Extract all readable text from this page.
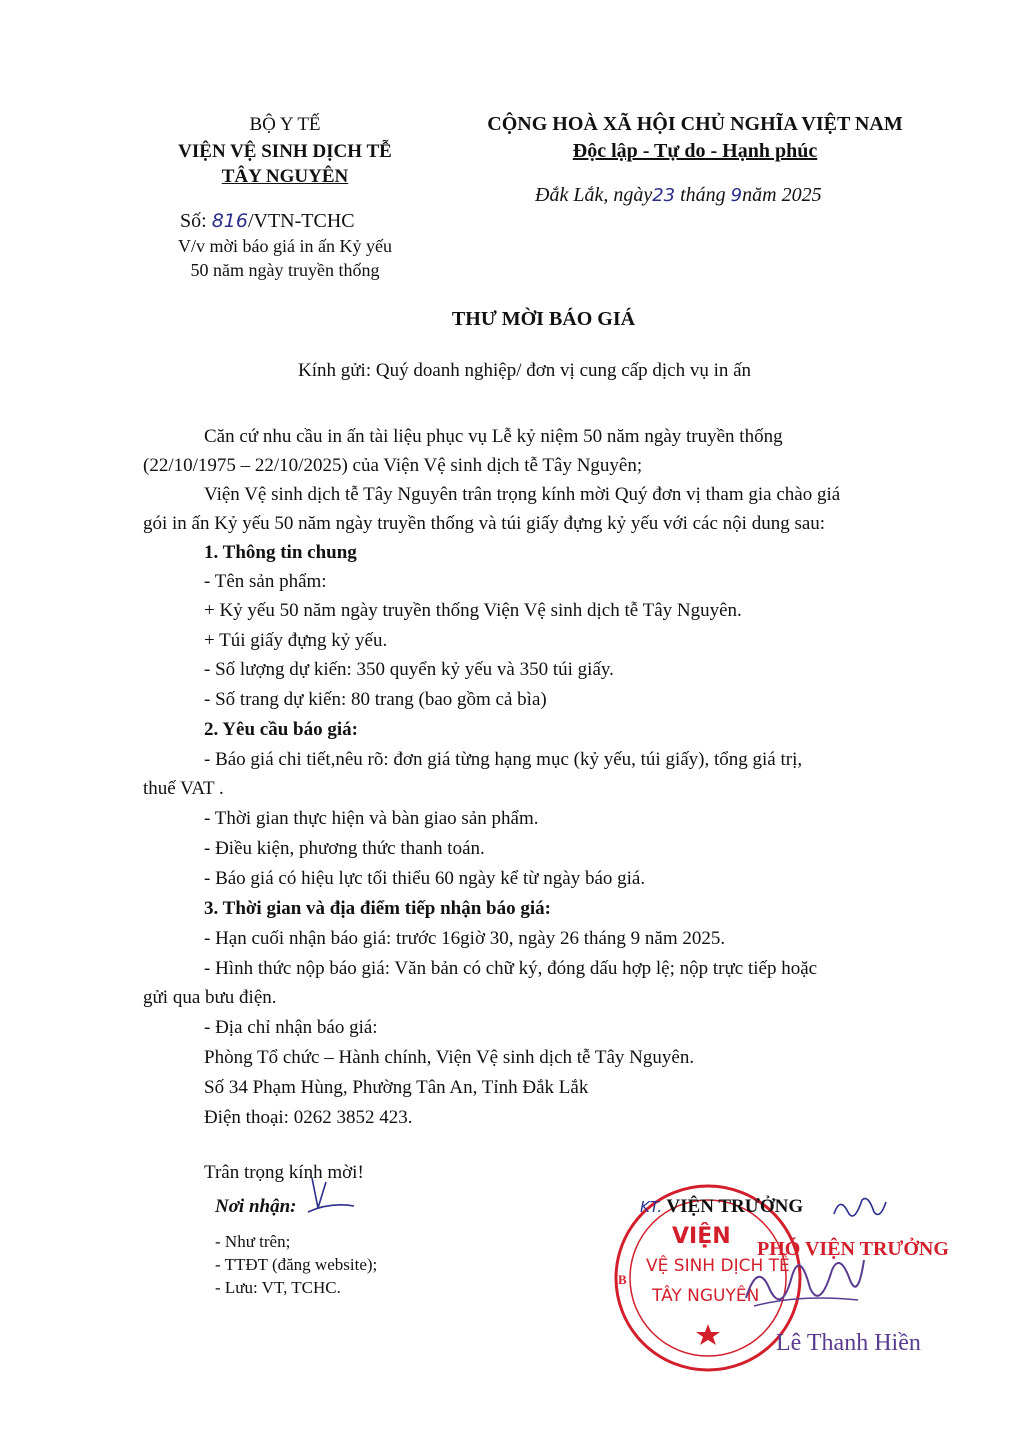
BỘ Y TẾ
VIỆN VỆ SINH DỊCH TỄ
TÂY NGUYÊN
Số: 816/VTN-TCHC
V/v mời báo giá in ấn Kỷ yếu
50 năm ngày truyền thống
CỘNG HOÀ XÃ HỘI CHỦ NGHĨA VIỆT NAM
Độc lập - Tự do - Hạnh phúc
Đắk Lắk, ngày23 tháng 9năm 2025
THƯ MỜI BÁO GIÁ
Kính gửi: Quý doanh nghiệp/ đơn vị cung cấp dịch vụ in ấn
Căn cứ nhu cầu in ấn tài liệu phục vụ Lễ kỷ niệm 50 năm ngày truyền thống
(22/10/1975 – 22/10/2025) của Viện Vệ sinh dịch tễ Tây Nguyên;
Viện Vệ sinh dịch tễ Tây Nguyên trân trọng kính mời Quý đơn vị tham gia chào giá
gói in ấn Kỷ yếu 50 năm ngày truyền thống và túi giấy đựng kỷ yếu với các nội dung sau:
1. Thông tin chung
- Tên sản phẩm:
+ Kỷ yếu 50 năm ngày truyền thống Viện Vệ sinh dịch tễ Tây Nguyên.
+ Túi giấy đựng kỷ yếu.
- Số lượng dự kiến: 350 quyển kỷ yếu và 350 túi giấy.
- Số trang dự kiến: 80 trang (bao gồm cả bìa)
2. Yêu cầu báo giá:
- Báo giá chi tiết,nêu rõ: đơn giá từng hạng mục (kỷ yếu, túi giấy), tổng giá trị,
thuế VAT .
- Thời gian thực hiện và bàn giao sản phẩm.
- Điều kiện, phương thức thanh toán.
- Báo giá có hiệu lực tối thiểu 60 ngày kể từ ngày báo giá.
3. Thời gian và địa điểm tiếp nhận báo giá:
- Hạn cuối nhận báo giá: trước 16giờ 30, ngày 26 tháng 9 năm 2025.
- Hình thức nộp báo giá: Văn bản có chữ ký, đóng dấu hợp lệ; nộp trực tiếp hoặc
gửi qua bưu điện.
- Địa chỉ nhận báo giá:
Phòng Tổ chức – Hành chính, Viện Vệ sinh dịch tễ Tây Nguyên.
Số 34 Phạm Hùng, Phường Tân An, Tỉnh Đắk Lắk
Điện thoại: 0262 3852 423.
Trân trọng kính mời!
Nơi nhận:
- Như trên;
- TTĐT (đăng website);
- Lưu: VT, TCHC.
VIỆN
VỆ SINH DỊCH TỄ
TÂY NGUYÊN
B
KT. VIỆN TRƯỞNG
PHÓ VIỆN TRƯỞNG
Lê Thanh Hiền
